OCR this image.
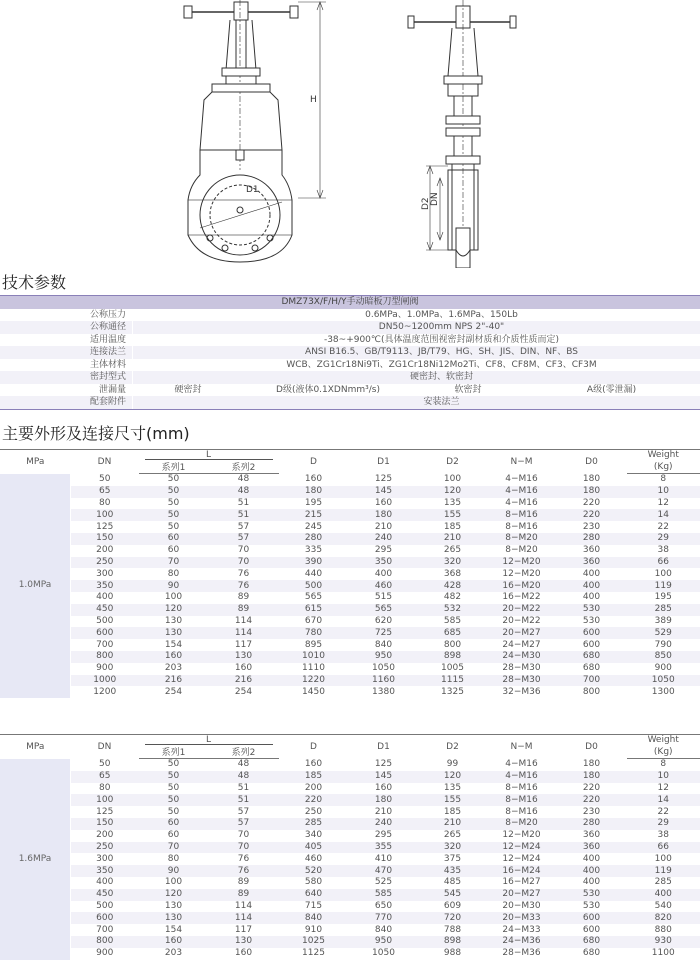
H
D1
D2 DN
技术参数
DMZ73X/F/H/Y手动暗板刀型闸阀				
公称压力	0.6MPa、1.0MPa、1.6MPa、150Lb			
公称通径	DN50~1200mm NPS 2"-40"			
适用温度	-38~+900℃(具体温度范围视密封副材质和介质性质而定)			
连接法兰	ANSI B16.5、GB/T9113、JB/T79、HG、SH、JIS、DIN、NF、BS			
主体材料	WCB、ZG1Cr18Ni9Ti、ZG1Cr18Ni12Mo2Ti、CF8、CF8M、CF3、CF3M			
密封型式	硬密封、软密封			
泄漏量	硬密封	D级(液体0.1XDNmm³/s)	软密封	A级(零泄漏)
配套附件	安装法兰			
主要外形及连接尺寸(mm)
MPa	DN	L		D	D1	D2	N−M	D0	Weight
		系列1	系列2						(Kg)
1.0MPa	50	50	48	160	125	100	4−M16	180	8
	65	50	48	180	145	120	4−M16	180	10
	80	50	51	195	160	135	4−M16	220	12
	100	50	51	215	180	155	8−M16	220	14
	125	50	57	245	210	185	8−M16	230	22
	150	60	57	280	240	210	8−M20	280	29
	200	60	70	335	295	265	8−M20	360	38
	250	70	70	390	350	320	12−M20	360	66
	300	80	76	440	400	368	12−M20	400	100
	350	90	76	500	460	428	16−M20	400	119
	400	100	89	565	515	482	16−M22	400	195
	450	120	89	615	565	532	20−M22	530	285
	500	130	114	670	620	585	20−M22	530	389
	600	130	114	780	725	685	20−M27	600	529
	700	154	117	895	840	800	24−M27	600	790
	800	160	130	1010	950	898	24−M30	680	850
	900	203	160	1110	1050	1005	28−M30	680	900
	1000	216	216	1220	1160	1115	28−M30	700	1050
	1200	254	254	1450	1380	1325	32−M36	800	1300
MPa	DN	L		D	D1	D2	N−M	D0	Weight
		系列1	系列2						(Kg)
1.6MPa	50	50	48	160	125	99	4−M16	180	8
	65	50	48	185	145	120	4−M16	180	10
	80	50	51	200	160	135	8−M16	220	12
	100	50	51	220	180	155	8−M16	220	14
	125	50	57	250	210	185	8−M16	230	22
	150	60	57	285	240	210	8−M20	280	29
	200	60	70	340	295	265	12−M20	360	38
	250	70	70	405	355	320	12−M24	360	66
	300	80	76	460	410	375	12−M24	400	100
	350	90	76	520	470	435	16−M24	400	119
	400	100	89	580	525	485	16−M27	400	285
	450	120	89	640	585	545	20−M27	530	400
	500	130	114	715	650	609	20−M30	530	540
	600	130	114	840	770	720	20−M33	600	820
	700	154	117	910	840	788	24−M33	600	880
	800	160	130	1025	950	898	24−M36	680	930
	900	203	160	1125	1050	988	28−M36	680	1100
